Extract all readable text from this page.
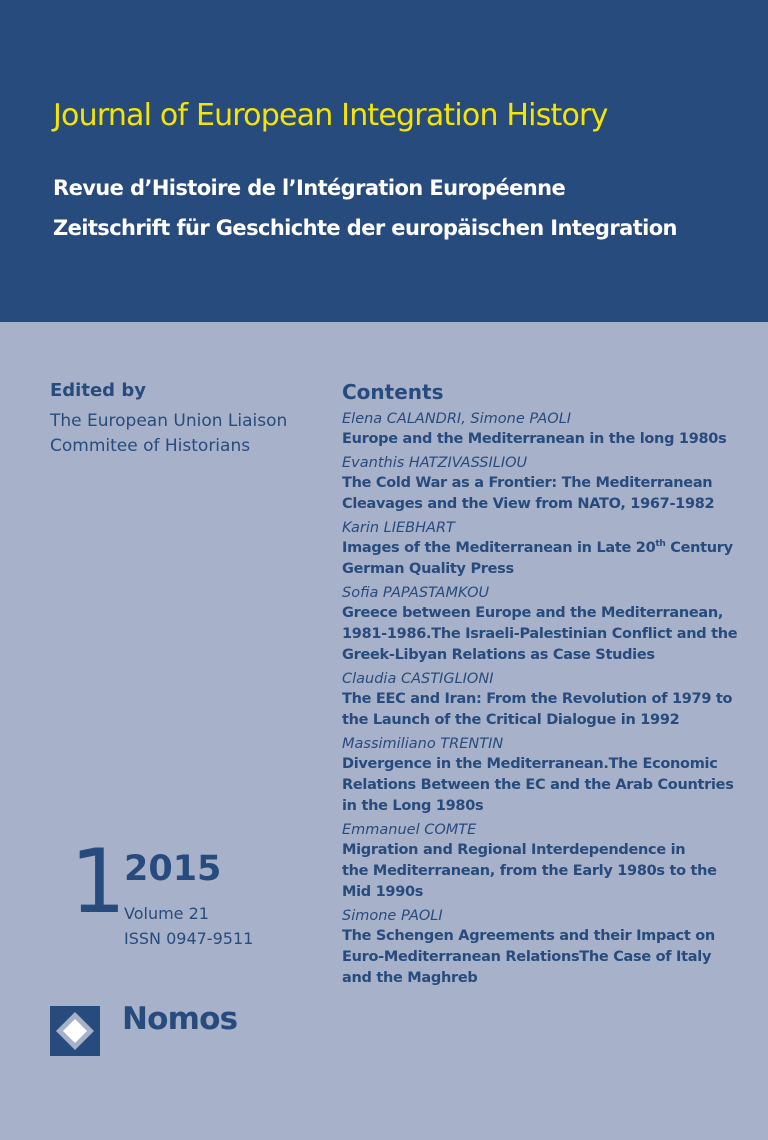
Journal of European Integration History
Revue d’Histoire de l’Intégration Européenne
Zeitschrift für Geschichte der europäischen Integration
Edited by
The European Union Liaison
Commitee of Historians
1
2015
Volume 21
ISSN 0947-9511
Nomos
Contents
Elena CALANDRI, Simone PAOLI
Europe and the Mediterranean in the long 1980s
Evanthis HATZIVASSILIOU
The Cold War as a Frontier: The Mediterranean
Cleavages and the View from NATO, 1967-1982
Karin LIEBHART
Images of the Mediterranean in Late 20th Century
German Quality Press
Sofia PAPASTAMKOU
Greece between Europe and the Mediterranean,
1981-1986.The Israeli-Palestinian Conflict and the
Greek-Libyan Relations as Case Studies
Claudia CASTIGLIONI
The EEC and Iran: From the Revolution of 1979 to
the Launch of the Critical Dialogue in 1992
Massimiliano TRENTIN
Divergence in the Mediterranean.The Economic
Relations Between the EC and the Arab Countries
in the Long 1980s
Emmanuel COMTE
Migration and Regional Interdependence in
the Mediterranean, from the Early 1980s to the
Mid 1990s
Simone PAOLI
The Schengen Agreements and their Impact on
Euro-Mediterranean RelationsThe Case of Italy
and the Maghreb
